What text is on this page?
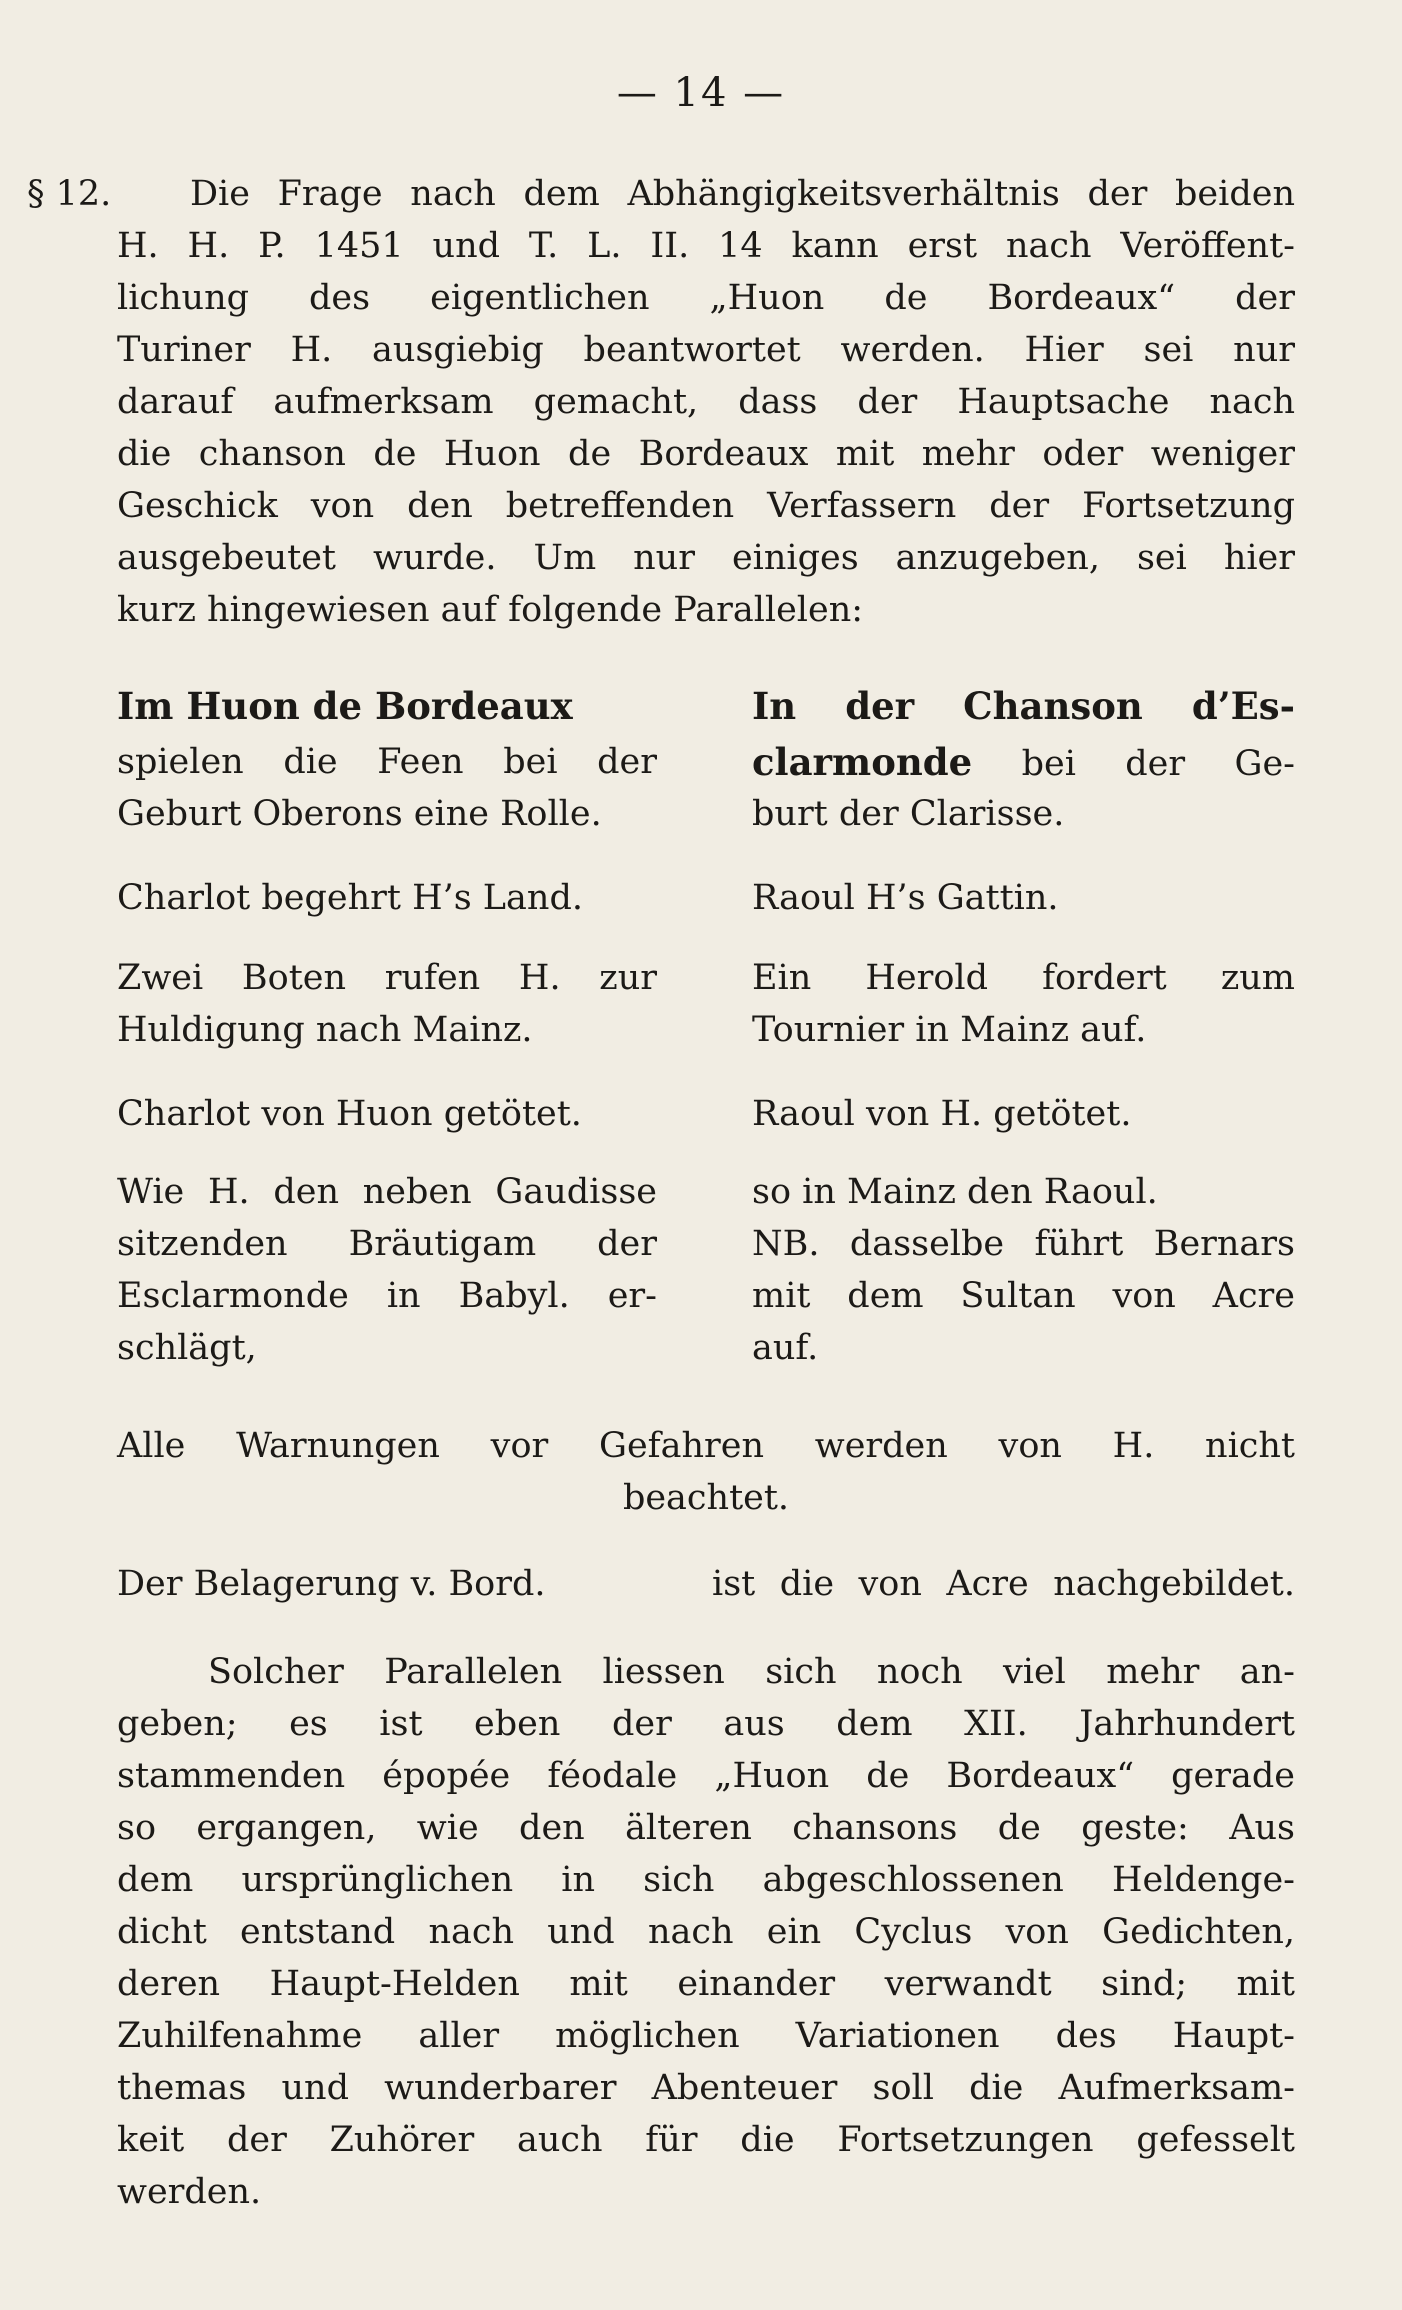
— 14 —
§ 12. Die Frage nach dem Abhängigkeitsverhältnis der beiden
H. H. P. 1451 und T. L. II. 14 kann erst nach Veröffent-
lichung des eigentlichen „Huon de Bordeaux“ der
Turiner H. ausgiebig beantwortet werden. Hier sei nur
darauf aufmerksam gemacht, dass der Hauptsache nach
die chanson de Huon de Bordeaux mit mehr oder weniger
Geschick von den betreffenden Verfassern der Fortsetzung
ausgebeutet wurde. Um nur einiges anzugeben, sei hier
kurz hingewiesen auf folgende Parallelen:
Im Huon de Bordeaux	In der Chanson d’Es-
spielen die Feen bei der	clarmonde bei der Ge-
Geburt Oberons eine Rolle.	burt der Clarisse.
Charlot begehrt H’s Land.	Raoul H’s Gattin.
Zwei Boten rufen H. zur	Ein Herold fordert zum
Huldigung nach Mainz.	Tournier in Mainz auf.
Charlot von Huon getötet.	Raoul von H. getötet.
Wie H. den neben Gaudisse	so in Mainz den Raoul.
sitzenden Bräutigam der	NB. dasselbe führt Bernars
Esclarmonde in Babyl. er-	mit dem Sultan von Acre
schlägt,	auf.
Alle Warnungen vor Gefahren werden von H. nicht
beachtet.
Der Belagerung v. Bord.	ist die von Acre nachgebildet.
Solcher Parallelen liessen sich noch viel mehr an-
geben; es ist eben der aus dem XII. Jahrhundert
stammenden épopée féodale „Huon de Bordeaux“ gerade
so ergangen, wie den älteren chansons de geste: Aus
dem ursprünglichen in sich abgeschlossenen Heldenge-
dicht entstand nach und nach ein Cyclus von Gedichten,
deren Haupt-Helden mit einander verwandt sind; mit
Zuhilfenahme aller möglichen Variationen des Haupt-
themas und wunderbarer Abenteuer soll die Aufmerksam-
keit der Zuhörer auch für die Fortsetzungen gefesselt
werden.
